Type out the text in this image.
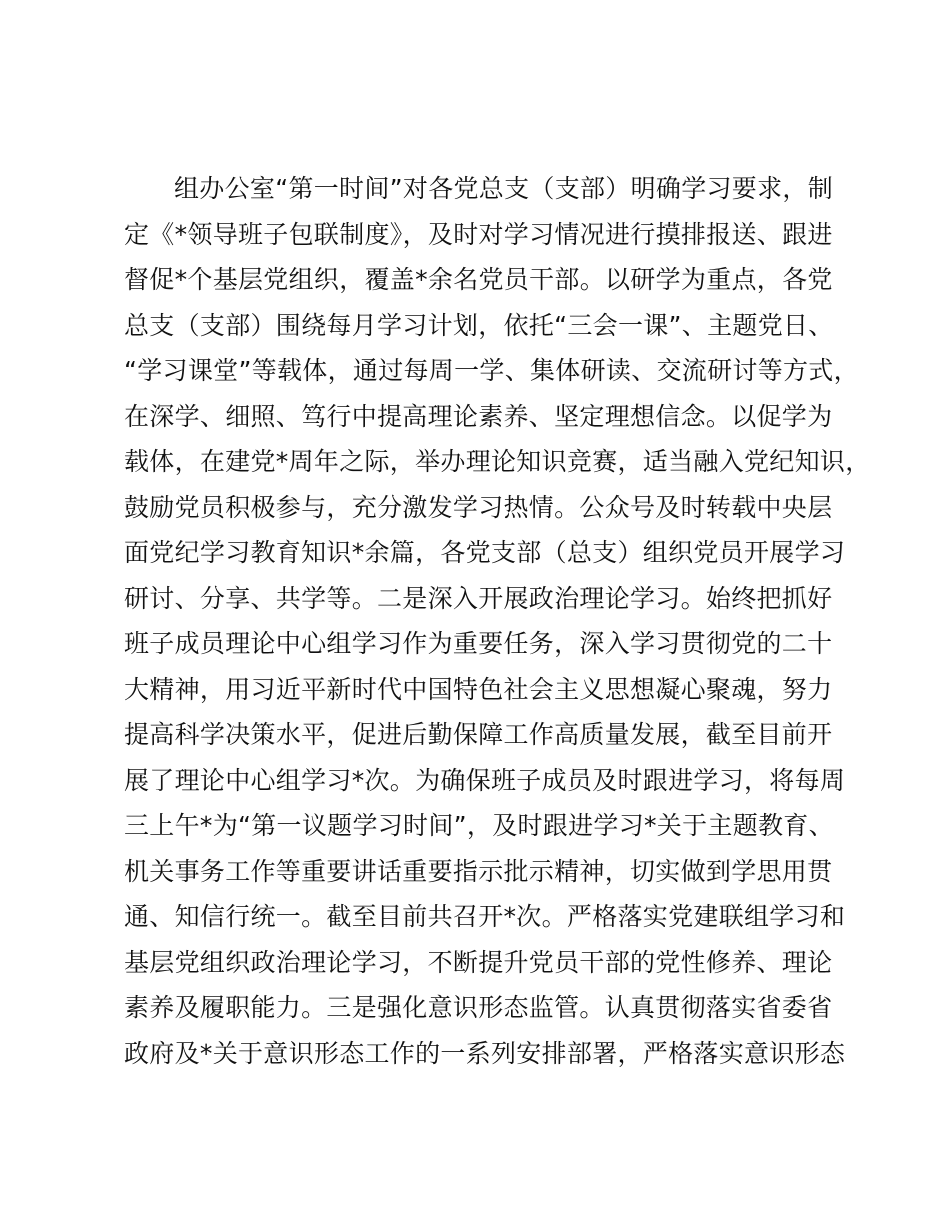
组办公室“第一时间”对各党总支（支部）明确学习要求，制
定《*领导班子包联制度》，及时对学习情况进行摸排报送、跟进
督促*个基层党组织，覆盖*余名党员干部。以研学为重点，各党
总支（支部）围绕每月学习计划，依托“三会一课”、主题党日、
“学习课堂”等载体，通过每周一学、集体研读、交流研讨等方式，
在深学、细照、笃行中提高理论素养、坚定理想信念。以促学为
载体，在建党*周年之际，举办理论知识竞赛，适当融入党纪知识，
鼓励党员积极参与，充分激发学习热情。公众号及时转载中央层
面党纪学习教育知识*余篇，各党支部（总支）组织党员开展学习
研讨、分享、共学等。二是深入开展政治理论学习。始终把抓好
班子成员理论中心组学习作为重要任务，深入学习贯彻党的二十
大精神，用习近平新时代中国特色社会主义思想凝心聚魂，努力
提高科学决策水平，促进后勤保障工作高质量发展，截至目前开
展了理论中心组学习*次。为确保班子成员及时跟进学习，将每周
三上午*为“第一议题学习时间”，及时跟进学习*关于主题教育、
机关事务工作等重要讲话重要指示批示精神，切实做到学思用贯
通、知信行统一。截至目前共召开*次。严格落实党建联组学习和
基层党组织政治理论学习，不断提升党员干部的党性修养、理论
素养及履职能力。三是强化意识形态监管。认真贯彻落实省委省
政府及*关于意识形态工作的一系列安排部署，严格落实意识形态
